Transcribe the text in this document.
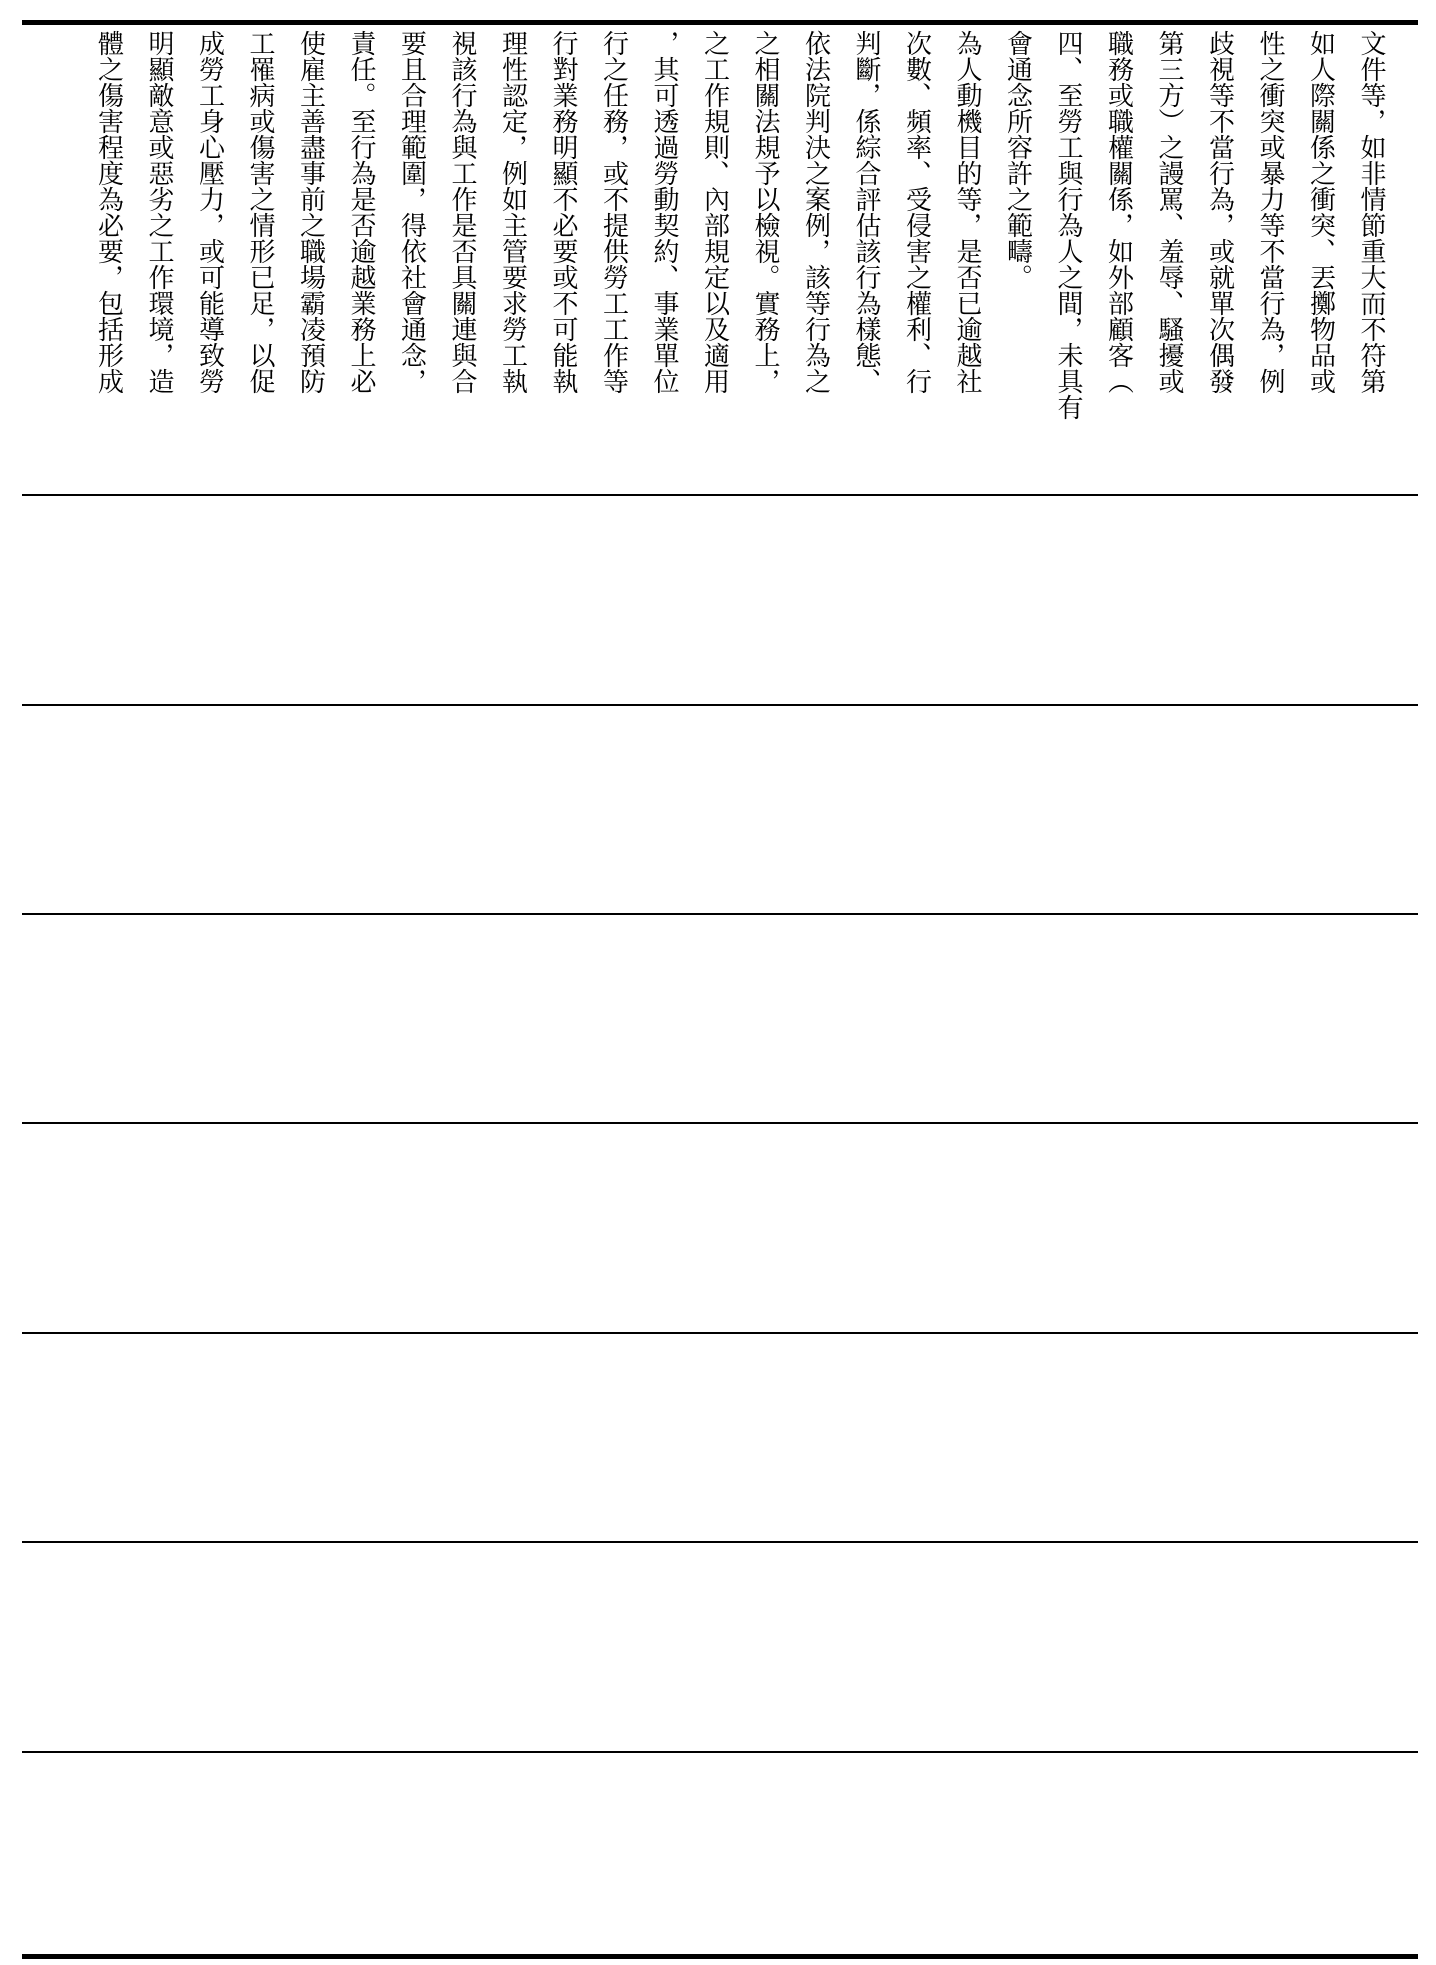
文件等，如非情節重大而不符第
如人際關係之衝突、丟擲物品或
性之衝突或暴力等不當行為，例
歧視等不當行為，或就單次偶發
第三方）之謾罵、羞辱、騷擾或
職務或職權關係，如外部顧客（
四、至勞工與行為人之間，未具有
會通念所容許之範疇。
為人動機目的等，是否已逾越社
次數、頻率、受侵害之權利、行
判斷，係綜合評估該行為樣態、
依法院判決之案例，該等行為之
之相關法規予以檢視。實務上，
之工作規則、內部規定以及適用
，其可透過勞動契約、事業單位
行之任務，或不提供勞工工作等
行對業務明顯不必要或不可能執
理性認定，例如主管要求勞工執
視該行為與工作是否具關連與合
要且合理範圍，得依社會通念，
責任。至行為是否逾越業務上必
使雇主善盡事前之職場霸凌預防
工罹病或傷害之情形已足，以促
成勞工身心壓力，或可能導致勞
明顯敵意或惡劣之工作環境，造
體之傷害程度為必要，包括形成
